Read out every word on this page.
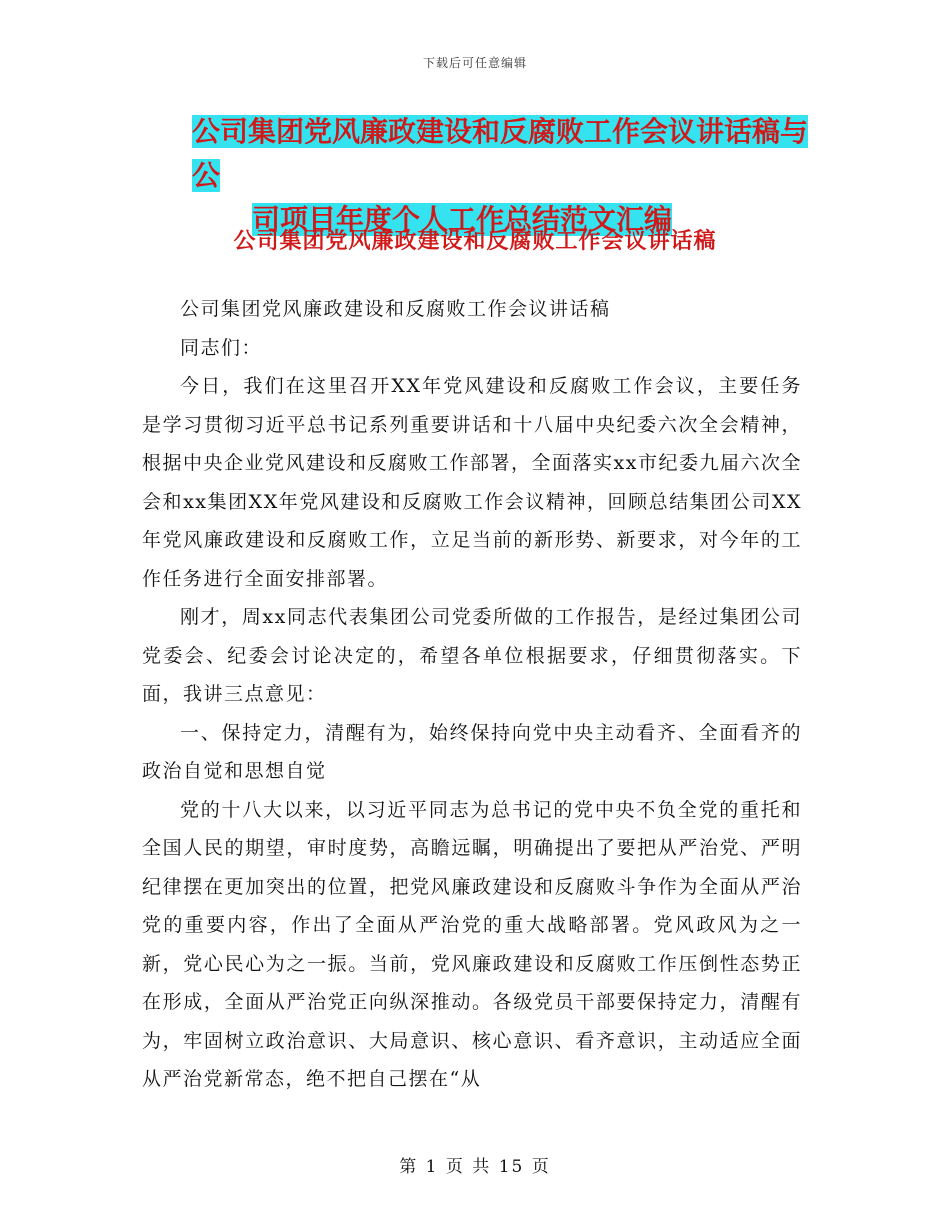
下载后可任意编辑
公司集团党风廉政建设和反腐败工作会议讲话稿与公
司项目年度个人工作总结范文汇编
公司集团党风廉政建设和反腐败工作会议讲话稿

公司集团党风廉政建设和反腐败工作会议讲话稿

同志们：

今日，我们在这里召开XX年党风建设和反腐败工作会议，主要任务是学习贯彻习近平总书记系列重要讲话和十八届中央纪委六次全会精神，根据中央企业党风建设和反腐败工作部署，全面落实xx市纪委九届六次全会和xx集团XX年党风建设和反腐败工作会议精神，回顾总结集团公司XX年党风廉政建设和反腐败工作，立足当前的新形势、新要求，对今年的工作任务进行全面安排部署。

刚才，周xx同志代表集团公司党委所做的工作报告，是经过集团公司党委会、纪委会讨论决定的，希望各单位根据要求，仔细贯彻落实。下面，我讲三点意见：

一、保持定力，清醒有为，始终保持向党中央主动看齐、全面看齐的政治自觉和思想自觉

党的十八大以来，以习近平同志为总书记的党中央不负全党的重托和全国人民的期望，审时度势，高瞻远瞩，明确提出了要把从严治党、严明纪律摆在更加突出的位置，把党风廉政建设和反腐败斗争作为全面从严治党的重要内容，作出了全面从严治党的重大战略部署。党风政风为之一新，党心民心为之一振。当前，党风廉政建设和反腐败工作压倒性态势正在形成，全面从严治党正向纵深推动。各级党员干部要保持定力，清醒有为，牢固树立政治意识、大局意识、核心意识、看齐意识，主动适应全面从严治党新常态，绝不把自己摆在“从

第 1 页 共 15 页
